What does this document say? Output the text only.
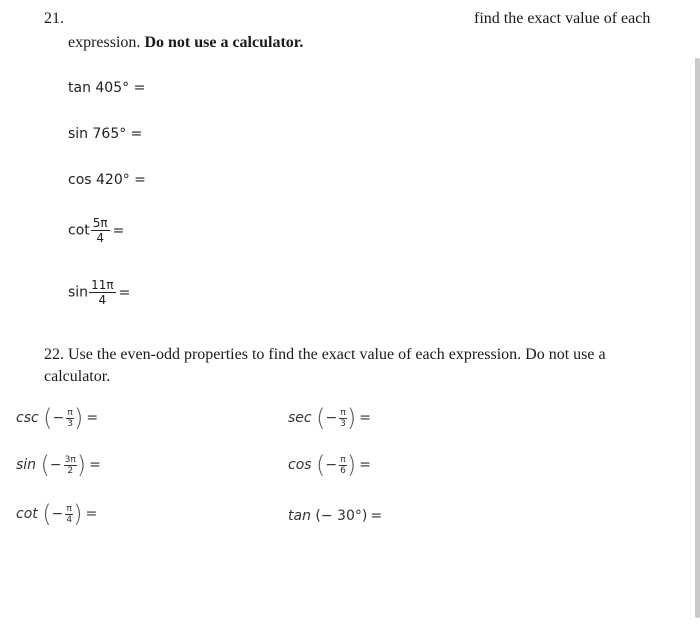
21.	find the exact value of each
expression. Do not use a calculator.
tan 405° =
sin 765° =
cos 420° =
$\cot \frac{5\pi}{4}$ =
$\sin \frac{11\pi}{4}$ =
22. Use the even-odd properties to find the exact value of each expression. Do not use a calculator.
csc (− $\frac{\pi}{3}$ ) =	sec (− $\frac{\pi}{3}$ ) =
sin (− $\frac{3\pi}{2}$ ) =	cos (− $\frac{\pi}{6}$ ) =
cot (− $\frac{\pi}{4}$ ) =	tan (− 30°) =
